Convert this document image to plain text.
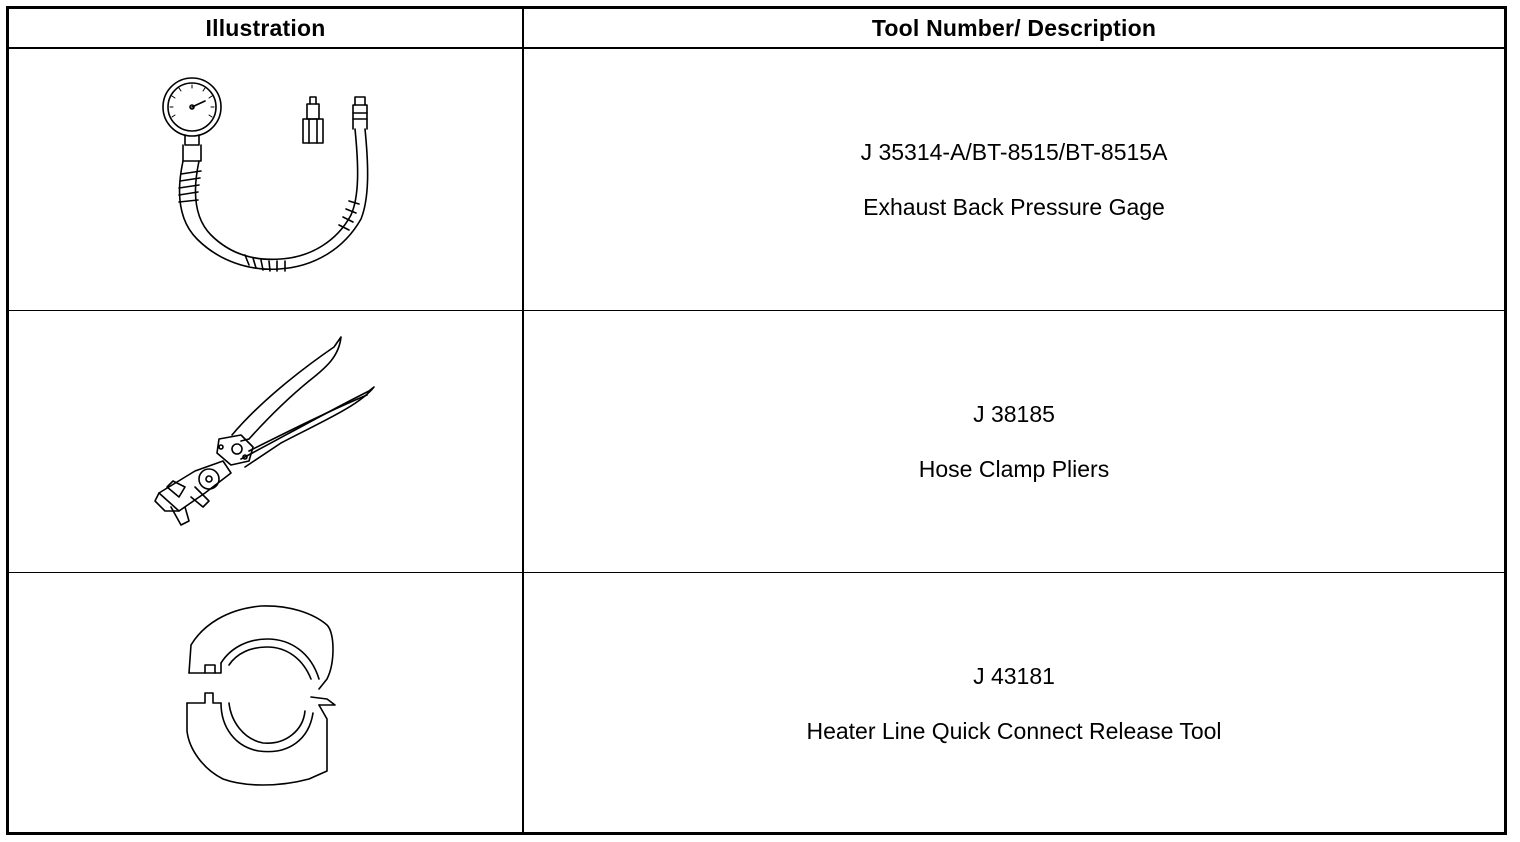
Illustration	Tool Number/ Description
J 35314-A/BT-8515/BT-8515A
Exhaust Back Pressure Gage
J 38185
Hose Clamp Pliers
J 43181
Heater Line Quick Connect Release Tool
